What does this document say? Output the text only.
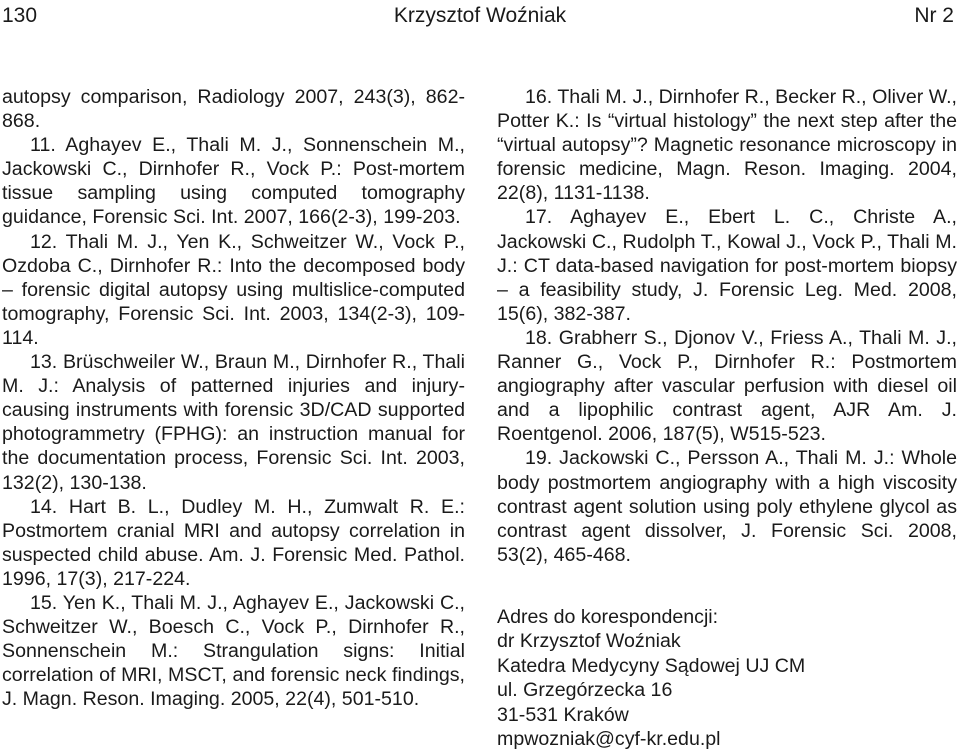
Krzysztof Woźniak
130	Nr 2

autopsy comparison, Radiology 2007, 243(3), 862-868.

11. Aghayev E., Thali M. J., Sonnenschein M., Jackowski C., Dirnhofer R., Vock P.: Post-mortem tissue sampling using computed tomography guidance, Forensic Sci. Int. 2007, 166(2-3), 199-203.

12. Thali M. J., Yen K., Schweitzer W., Vock P., Ozdoba C., Dirnhofer R.: Into the decomposed body – forensic digital autopsy using multislice-computed tomography, Forensic Sci. Int. 2003, 134(2-3), 109-114.

13. Brüschweiler W., Braun M., Dirnhofer R., Thali M. J.: Analysis of patterned injuries and injury-causing instruments with forensic 3D/CAD supported photogrammetry (FPHG): an instruction manual for the documentation process, Forensic Sci. Int. 2003, 132(2), 130-138.

14. Hart B. L., Dudley M. H., Zumwalt R. E.: Postmortem cranial MRI and autopsy correlation in suspected child abuse. Am. J. Forensic Med. Pathol. 1996, 17(3), 217-224.

15. Yen K., Thali M. J., Aghayev E., Jackowski C., Schweitzer W., Boesch C., Vock P., Dirnhofer R., Sonnenschein M.: Strangulation signs: Initial correlation of MRI, MSCT, and forensic neck findings, J. Magn. Reson. Imaging. 2005, 22(4), 501-510.

16. Thali M. J., Dirnhofer R., Becker R., Oliver W., Potter K.: Is “virtual histology” the next step after the “virtual autopsy”? Magnetic resonance microscopy in forensic medicine, Magn. Reson. Imaging. 2004, 22(8), 1131-1138.

17. Aghayev E., Ebert L. C., Christe A., Jackowski C., Rudolph T., Kowal J., Vock P., Thali M. J.: CT data-based navigation for post-mortem biopsy – a feasibility study, J. Forensic Leg. Med. 2008, 15(6), 382-387.

18. Grabherr S., Djonov V., Friess A., Thali M. J., Ranner G., Vock P., Dirnhofer R.: Postmortem angiography after vascular perfusion with diesel oil and a lipophilic contrast agent, AJR Am. J. Roentgenol. 2006, 187(5), W515-523.

19. Jackowski C., Persson A., Thali M. J.: Whole body postmortem angiography with a high viscosity contrast agent solution using poly ethylene glycol as contrast agent dissolver, J. Forensic Sci. 2008, 53(2), 465-468.

Adres do korespondencji:
dr Krzysztof Woźniak
Katedra Medycyny Sądowej UJ CM
ul. Grzegórzecka 16
31-531 Kraków
mpwozniak@cyf-kr.edu.pl
